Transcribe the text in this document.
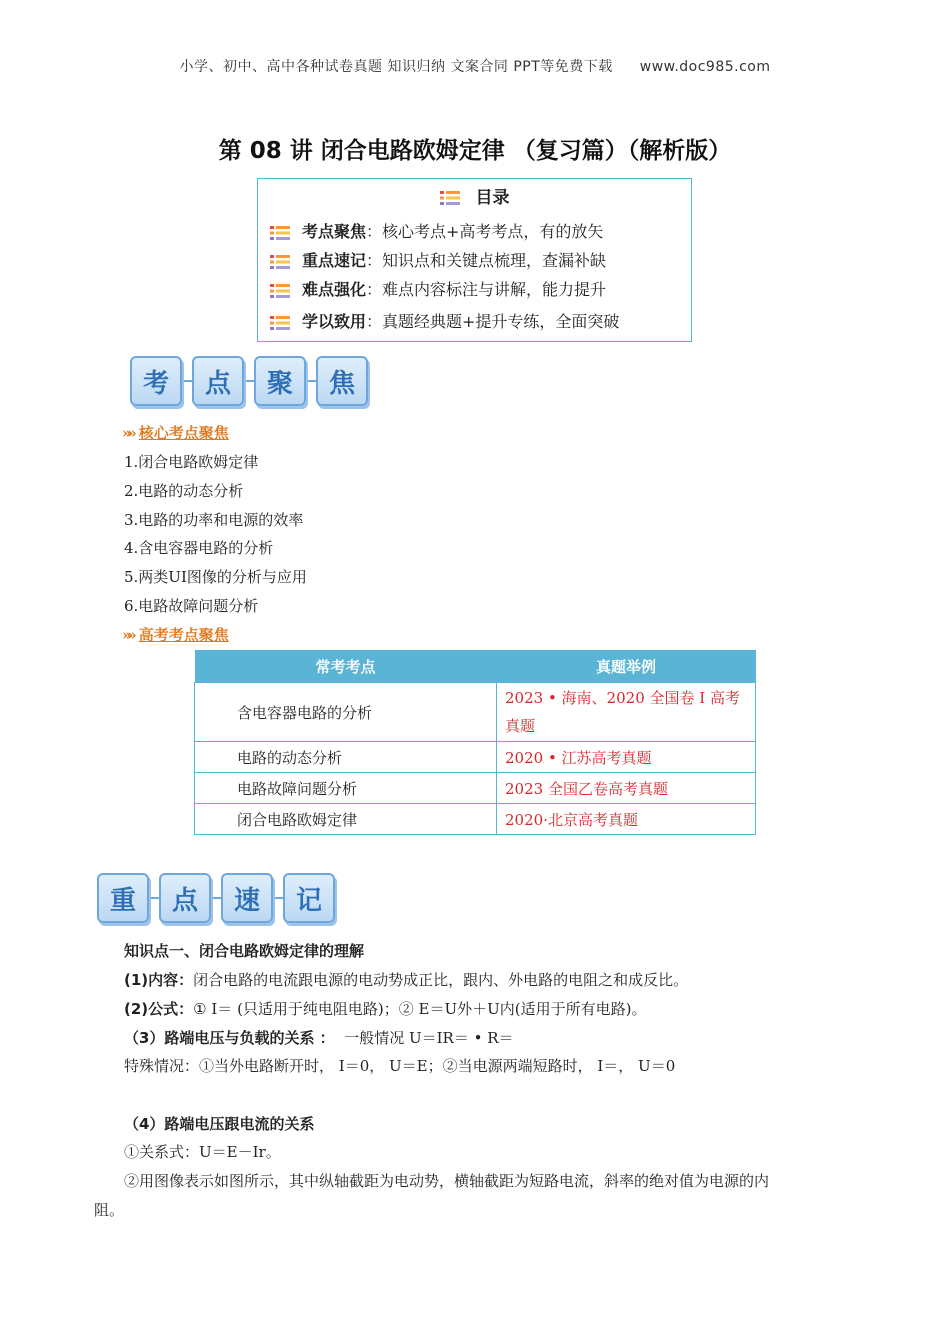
小学、初中、高中各种试卷真题 知识归纳 文案合同 PPT等免费下载 www.doc985.com
第 08 讲 闭合电路欧姆定律 （复习篇）（解析版）
目录
考点聚焦：核心考点+高考考点，有的放矢
重点速记：知识点和关键点梳理，查漏补缺
难点强化：难点内容标注与讲解，能力提升
学以致用：真题经典题+提升专练，全面突破
考	点	聚	焦
»» 核心考点聚焦
1.闭合电路欧姆定律
2.电路的动态分析
3.电路的功率和电源的效率
4.含电容器电路的分析
5.两类UI图像的分析与应用
6.电路故障问题分析
»» 高考考点聚焦
常考考点	真题举例
含电容器电路的分析	2023 • 海南、2020 全国卷 I 高考真题
电路的动态分析	2020 • 江苏高考真题
电路故障问题分析	2023 全国乙卷高考真题
闭合电路欧姆定律	2020·北京高考真题
重	点	速	记
知识点一、闭合电路欧姆定律的理解
(1)内容：闭合电路的电流跟电源的电动势成正比，跟内、外电路的电阻之和成反比。
(2)公式：① I＝ (只适用于纯电阻电路)；② E＝U外＋U内(适用于所有电路)。
（3）路端电压与负载的关系 ： 一般情况 U＝IR＝ • R＝
特殊情况：①当外电路断开时， I＝0， U＝E；②当电源两端短路时， I＝， U＝0
（4）路端电压跟电流的关系
①关系式：U＝E－Ir。
②用图像表示如图所示，其中纵轴截距为电动势，横轴截距为短路电流，斜率的绝对值为电源的内
阻。
